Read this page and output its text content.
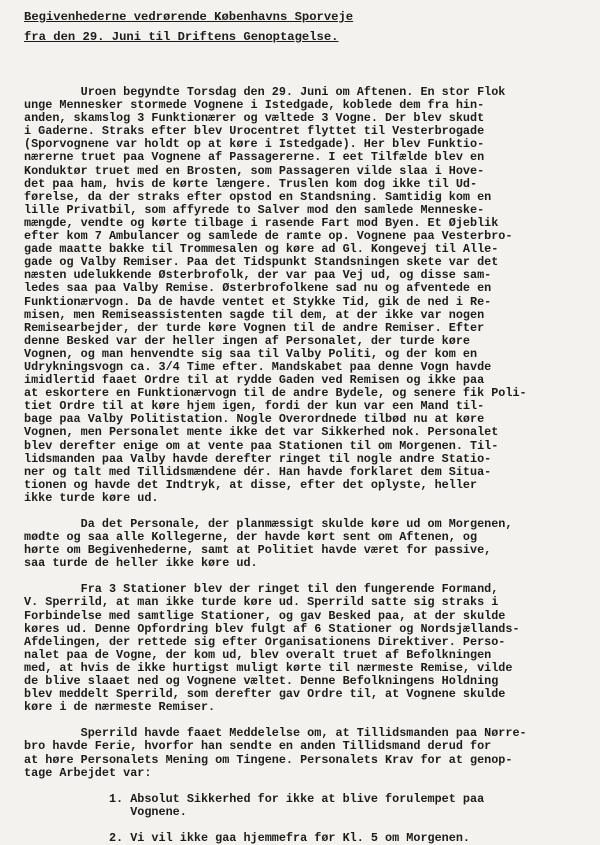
Begivenhederne vedrørende Københavns Sporveje
fra den 29. Juni til Driftens Genoptagelse.
Uroen begyndte Torsdag den 29. Juni om Aftenen. En stor Flok
unge Mennesker stormede Vognene i Istedgade, koblede dem fra hin-
anden, skamslog 3 Funktionærer og væltede 3 Vogne. Der blev skudt
i Gaderne. Straks efter blev Urocentret flyttet til Vesterbrogade
(Sporvognene var holdt op at køre i Istedgade). Her blev Funktio-
nærerne truet paa Vognene af Passagererne. I eet Tilfælde blev en
Konduktør truet med en Brosten, som Passageren vilde slaa i Hove-
det paa ham, hvis de kørte længere. Truslen kom dog ikke til Ud-
førelse, da der straks efter opstod en Standsning. Samtidig kom en
lille Privatbil, som affyrede to Salver mod den samlede Menneske-
mængde, vendte og kørte tilbage i rasende Fart mod Byen. Et Øjeblik
efter kom 7 Ambulancer og samlede de ramte op. Vognene paa Vesterbro-
gade maatte bakke til Trommesalen og køre ad Gl. Kongevej til Alle-
gade og Valby Remiser. Paa det Tidspunkt Standsningen skete var det
næsten udelukkende Østerbrofolk, der var paa Vej ud, og disse sam-
ledes saa paa Valby Remise. Østerbrofolkene sad nu og afventede en
Funktionærvogn. Da de havde ventet et Stykke Tid, gik de ned i Re-
misen, men Remiseassistenten sagde til dem, at der ikke var nogen
Remisearbejder, der turde køre Vognen til de andre Remiser. Efter
denne Besked var der heller ingen af Personalet, der turde køre
Vognen, og man henvendte sig saa til Valby Politi, og der kom en
Udrykningsvogn ca. 3/4 Time efter. Mandskabet paa denne Vogn havde
imidlertid faaet Ordre til at rydde Gaden ved Remisen og ikke paa
at eskortere en Funktionærvogn til de andre Bydele, og senere fik Poli-
tiet Ordre til at køre hjem igen, fordi der kun var een Mand til-
bage paa Valby Politistation. Nogle Overordnede tilbød nu at køre
Vognen, men Personalet mente ikke det var Sikkerhed nok. Personalet
blev derefter enige om at vente paa Stationen til om Morgenen. Til-
lidsmanden paa Valby havde derefter ringet til nogle andre Statio-
ner og talt med Tillidsmændene dér. Han havde forklaret dem Situa-
tionen og havde det Indtryk, at disse, efter det oplyste, heller
ikke turde køre ud.
Da det Personale, der planmæssigt skulde køre ud om Morgenen,
mødte og saa alle Kollegerne, der havde kørt sent om Aftenen, og
hørte om Begivenhederne, samt at Politiet havde været for passive,
saa turde de heller ikke køre ud.
Fra 3 Stationer blev der ringet til den fungerende Formand,
V. Sperrild, at man ikke turde køre ud. Sperrild satte sig straks i
Forbindelse med samtlige Stationer, og gav Besked paa, at der skulde
køres ud. Denne Opfordring blev fulgt af 6 Stationer og Nordsjællands-
Afdelingen, der rettede sig efter Organisationens Direktiver. Perso-
nalet paa de Vogne, der kom ud, blev overalt truet af Befolkningen
med, at hvis de ikke hurtigst muligt kørte til nærmeste Remise, vilde
de blive slaaet ned og Vognene væltet. Denne Befolkningens Holdning
blev meddelt Sperrild, som derefter gav Ordre til, at Vognene skulde
køre i de nærmeste Remiser.
Sperrild havde faaet Meddelelse om, at Tillidsmanden paa Nørre-
bro havde Ferie, hvorfor han sendte en anden Tillidsmand derud for
at høre Personalets Mening om Tingene. Personalets Krav for at genop-
tage Arbejdet var:
1. Absolut Sikkerhed for ikke at blive forulempet paa
Vognene.
2. Vi vil ikke gaa hjemmefra før Kl. 5 om Morgenen.
